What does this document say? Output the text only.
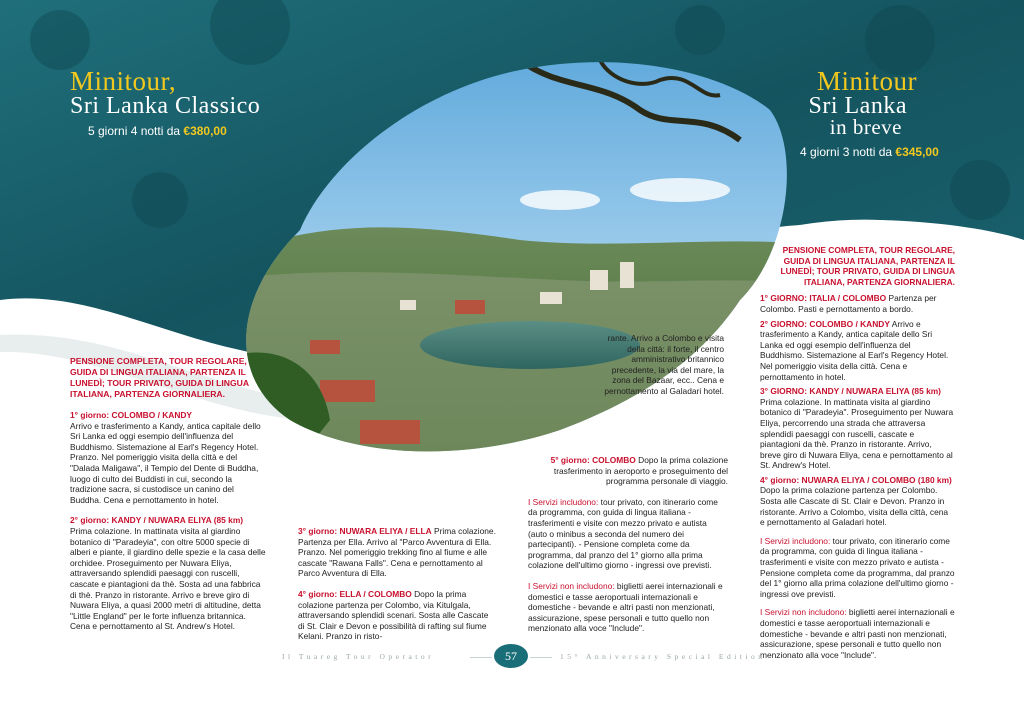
Minitour,
Sri Lanka Classico
5 giorni 4 notti da €380,00
Minitour
Sri Lanka
in breve
4 giorni 3 notti da €345,00

PENSIONE COMPLETA, TOUR REGOLARE, GUIDA DI LINGUA ITALIANA, PARTENZA IL LUNEDÌ; TOUR PRIVATO, GUIDA DI LINGUA ITALIANA, PARTENZA GIORNALIERA.

1° giorno: COLOMBO / KANDY
Arrivo e trasferimento a Kandy, antica capitale dello Sri Lanka ed oggi esempio dell'influenza del Buddhismo. Sistemazione al Earl's Regency Hotel. Pranzo. Nel pomeriggio visita della città e del "Dalada Maligawa", il Tempio del Dente di Buddha, luogo di culto dei Buddisti in cui, secondo la tradizione sacra, si custodisce un canino del Buddha. Cena e pernottamento in hotel.

2° giorno: KANDY / NUWARA ELIYA (85 km) Prima colazione. In mattinata visita al giardino botanico di "Paradeyia", con oltre 5000 specie di alberi e piante, il giardino delle spezie e la casa delle orchidee. Proseguimento per Nuwara Eliya, attraversando splendidi paesaggi con ruscelli, cascate e piantagioni da thè. Sosta ad una fabbrica di thè. Pranzo in ristorante. Arrivo e breve giro di Nuwara Eliya, a quasi 2000 metri di altitudine, detta "Little England" per le forte influenza britannica. Cena e pernottamento al St. Andrew's Hotel.

3° giorno: NUWARA ELIYA / ELLA Prima colazione. Partenza per Ella. Arrivo al "Parco Avventura di Ella. Pranzo. Nel pomeriggio trekking fino al fiume e alle cascate "Rawana Falls". Cena e pernottamento al Parco Avventura di Ella.

4° giorno: ELLA / COLOMBO Dopo la prima colazione partenza per Colombo, via Kitulgala, attraversando splendidi scenari. Sosta alle Cascate di St. Clair e Devon e possibilità di rafting sul fiume Kelani. Pranzo in risto-

rante. Arrivo a Colombo e visita della città: il forte, il centro amministrativo britannico precedente, la via del mare, la zona del Bazaar, ecc.. Cena e pernottamento al Galadari hotel.

5° giorno: COLOMBO Dopo la prima colazione trasferimento in aeroporto e proseguimento del programma personale di viaggio.

I Servizi includono: tour privato, con itinerario come da programma, con guida di lingua italiana - trasferimenti e visite con mezzo privato e autista (auto o minibus a seconda del numero dei partecipanti). - Pensione completa come da programma, dal pranzo del 1° giorno alla prima colazione dell'ultimo giorno - ingressi ove previsti.

I Servizi non includono: biglietti aerei internazionali e domestici e tasse aeroportuali internazionali e domestiche - bevande e altri pasti non menzionati, assicurazione, spese personali e tutto quello non menzionato alla voce "Include".

PENSIONE COMPLETA, TOUR REGOLARE, GUIDA DI LINGUA ITALIANA, PARTENZA IL LUNEDÌ; TOUR PRIVATO, GUIDA DI LINGUA ITALIANA, PARTENZA GIORNALIERA.

1° GIORNO: ITALIA / COLOMBO Partenza per Colombo. Pasti e pernottamento a bordo.

2° GIORNO: COLOMBO / KANDY Arrivo e trasferimento a Kandy, antica capitale dello Sri Lanka ed oggi esempio dell'influenza del Buddhismo. Sistemazione al Earl's Regency Hotel. Nel pomeriggio visita della città. Cena e pernottamento in hotel.

3° GIORNO: KANDY / NUWARA ELIYA (85 km)
Prima colazione. In mattinata visita al giardino botanico di "Paradeyia". Proseguimento per Nuwara Eliya, percorrendo una strada che attraversa splendidi paesaggi con ruscelli, cascate e piantagioni da thè. Pranzo in ristorante. Arrivo, breve giro di Nuwara Eliya, cena e pernottamento al St. Andrew's Hotel.

4° giorno: NUWARA ELIYA / COLOMBO (180 km)
Dopo la prima colazione partenza per Colombo. Sosta alle Cascate di St. Clair e Devon. Pranzo in ristorante. Arrivo a Colombo, visita della città, cena e pernottamento al Galadari hotel.

I Servizi includono: tour privato, con itinerario come da programma, con guida di lingua italiana - trasferimenti e visite con mezzo privato e autista - Pensione completa come da programma, dal pranzo del 1° giorno alla prima colazione dell'ultimo giorno - ingressi ove previsti.

I Servizi non includono: biglietti aerei internazionali e domestici e tasse aeroportuali internazionali e domestiche - bevande e altri pasti non menzionati, assicurazione, spese personali e tutto quello non menzionato alla voce "Include".

Il Tuareg Tour Operator	57	15° Anniversary Special Edition
